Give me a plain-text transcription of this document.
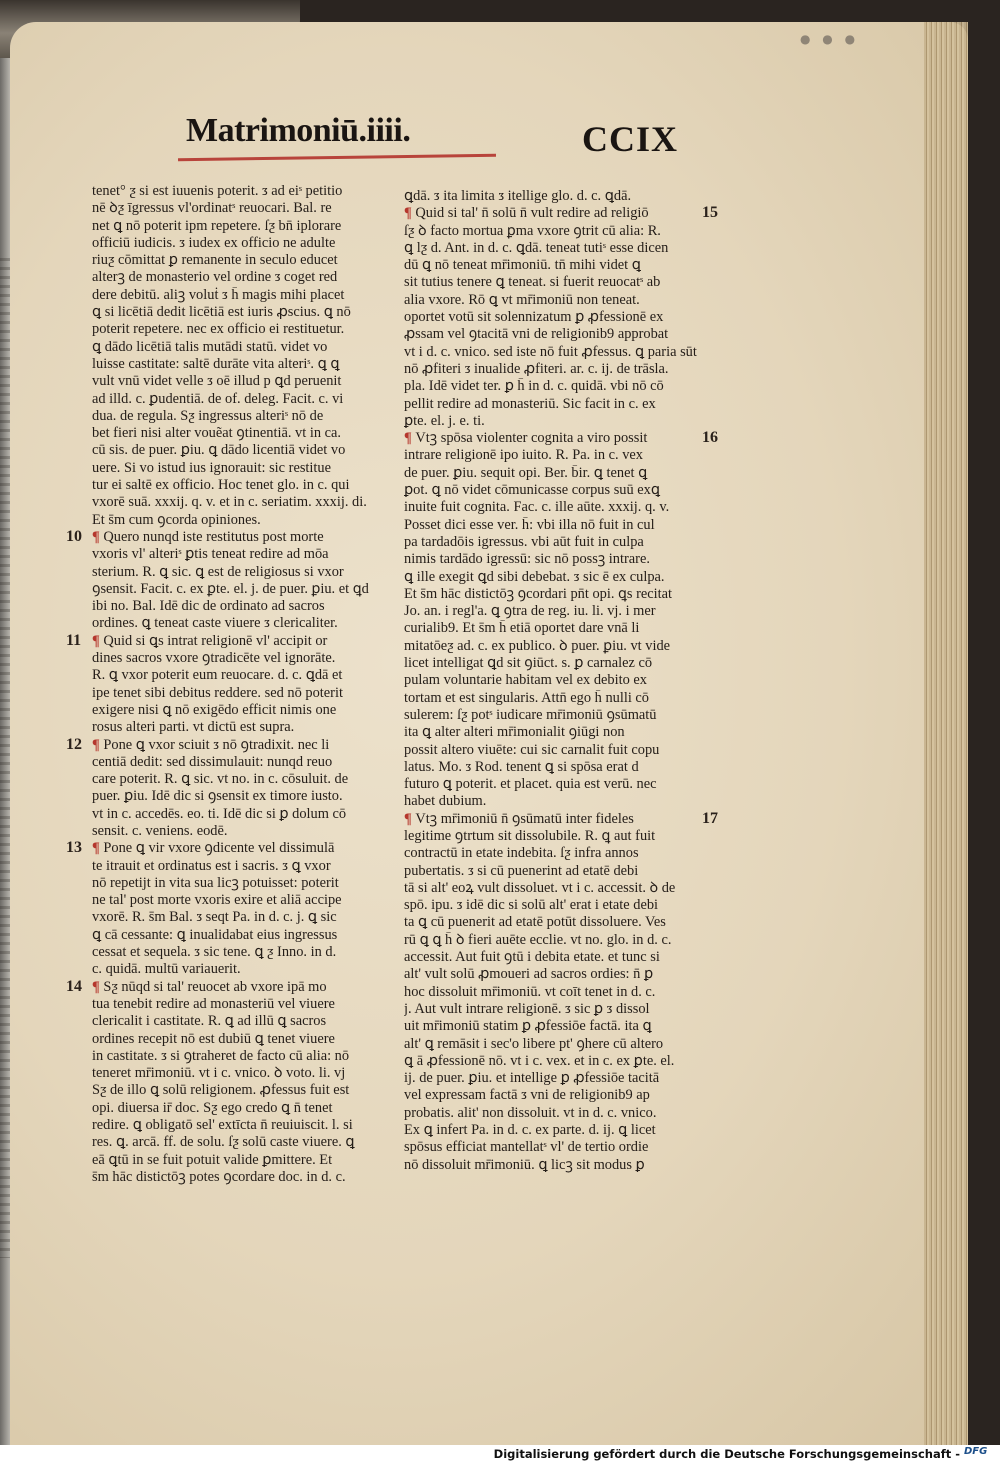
● ● ●
Matrimoniū.iiii.	CCIX
tenet° ƺ si est iuuenis poterit. ᴣ ad eiˢ petitio
nē ꝺƺ īgressus vl'ordinatˢ reuocari. Bal. re
net ꝗ nō poterit ipm repetere. ſƺ bn̄ iplorare
officiū iudicis. ᴣ iudex ex officio ne adulte
riuƺ cōmittat ꝑ remanente in seculo educet
alterꝫ de monasterio vel ordine ᴣ coget red
dere debitū. aliꝫ voluṫ ᴣ h̄ magis mihi placet
ꝗ si licētiā dedit licētiā est iuris ꝓscius. ꝗ nō
poterit repetere. nec ex officio ei restituetur.
ꝗ dādo licētiā talis mutādi statū. videt vo
luisse castitate: saltē durāte vita alteriˢ. ꝗ ꝗ
vult vnū videt velle ᴣ oē illud p ꝗd peruenit
ad illd. c. ꝑudentiā. de of. deleg. Facit. c. vi
dua. de regula. Sƺ ingressus alteriˢ nō de
bet fieri nisi alter vouẽat ꝯtinentiā. vt in ca.
cū sis. de puer. ꝑiu. ꝗ dādo licentiā videt vo
uere. Si vo istud ius ignorauit: sic restitue
tur ei saltē ex officio. Hoc tenet glo. in c. qui
vxorē suā. xxxij. q. v. et in c. seriatim. xxxij. di.
Et s̄m cum ꝯcorda opiniones.
¶ Quero nunqd iste restitutus post morte
vxoris vl' alteriˢ ꝑtis teneat redire ad mōa
sterium. R. ꝗ sic. ꝗ est de religiosus si vxor
ꝯsensit. Facit. c. ex ꝑte. el. j. de puer. ꝑiu. et ꝗd
ibi no. Bal. Idē dic de ordinato ad sacros
ordines. ꝗ teneat caste viuere ᴣ clericaliter.
¶ Quid si ꝗs intrat religionē vl' accipit or
dines sacros vxore ꝯtradicēte vel ignorāte.
R. ꝗ vxor poterit eum reuocare. d. c. ꝗdā et
ipe tenet sibi debitus reddere. sed nō poterit
exigere nisi ꝗ nō exigēdo efficit nimis one
rosus alteri parti. vt dictū est supra.
¶ Pone ꝗ vxor sciuit ᴣ nō ꝯtradixit. nec li
centiā dedit: sed dissimulauit: nunqd reuo
care poterit. R. ꝗ sic. vt no. in c. cōsuluit. de
puer. ꝑiu. Idē dic si ꝯsensit ex timore iusto.
vt in c. accedēs. eo. ti. Idē dic si ꝑ dolum cō
sensit. c. veniens. eodē.
¶ Pone ꝗ vir vxore ꝯdicente vel dissimulā
te itrauit et ordinatus est i sacris. ᴣ ꝗ vxor
nō repetijt in vita sua licꝫ potuisset: poterit
ne tal' post morte vxoris exire et aliā accipe
vxorē. R. s̄m Bal. ᴣ seqt Pa. in d. c. j. ꝗ sic
ꝗ cā cessante: ꝗ inualidabat eius ingressus
cessat et sequela. ᴣ sic tene. ꝗ ƺ Inno. in d.
c. quidā. multū variauerit.
¶ Sƺ nūqd si tal' reuocet ab vxore ipā mo
tua tenebit redire ad monasteriū vel viuere
clericalit i castitate. R. ꝗ ad illū ꝗ sacros
ordines recepit nō est dubiū ꝗ tenet viuere
in castitate. ᴣ si ꝯtraheret de facto cū alia: nō
teneret mr̄imoniū. vt i c. vnico. ꝺ voto. li. vj
Sƺ de illo ꝗ solū religionem. ꝓfessus fuit est
opi. diuersa ir̄ doc. Sƺ ego credo ꝗ n̄ tenet
redire. ꝗ obligatō sel' extīcta n̄ reuiuiscit. l. si
res. ꝗ. arcā. ff. de solu. ſƺ solū caste viuere. ꝗ
eā ꝗtū in se fuit potuit valide ꝑmittere. Et
s̄m hāc distictōꝫ potes ꝯcordare doc. in d. c.
ꝗdā. ᴣ ita limita ᴣ itellige glo. d. c. ꝗdā.
¶ Quid si tal' n̄ solū n̄ vult redire ad religiō
ſƺ ꝺ facto mortua ꝑma vxore ꝯtrit cū alia: R.
ꝗ lƺ d. Ant. in d. c. ꝗdā. teneat tutiˢ esse dicen
dū ꝗ nō teneat mr̄imoniū. tn̄ mihi videt ꝗ
sit tutius tenere ꝗ teneat. si fuerit reuocatˢ ab
alia vxore. Rō ꝗ vt mr̄imoniū non teneat.
oportet votū sit solennizatum ꝑ ꝓfessionē ex
ꝓssam vel ꝯtacitā vni de religionib9 approbat
vt i d. c. vnico. sed iste nō fuit ꝓfessus. ꝗ paria sūt
nō ꝓfiteri ᴣ inualide ꝓfiteri. ar. c. ij. de trāsla.
pla. Idē videt ter. ꝑ h̄ in d. c. quidā. vbi nō cō
pellit redire ad monasteriū. Sic facit in c. ex
ꝑte. el. j. e. ti.
¶ Vtꝫ spōsa violenter cognita a viro possit
intrare religionē ipo iuito. R. Pa. in c. vex
de puer. ꝑiu. sequit opi. Ber. b̄ir. ꝗ tenet ꝗ
ꝑot. ꝗ nō videt cōmunicasse corpus suū exꝗ
inuite fuit cognita. Fac. c. ille aūte. xxxij. q. v.
Posset dici esse ver. h̄: vbi illa nō fuit in cul
pa tardadōis igressus. vbi aūt fuit in culpa
nimis tardādo igressū: sic nō possꝫ intrare.
ꝗ ille exegit ꝗd sibi debebat. ᴣ sic ē ex culpa.
Et s̄m hāc distictōꝫ ꝯcordari pn̄t opi. ꝗs recitat
Jo. an. i regl'a. ꝗ ꝯtra de reg. iu. li. vj. i mer
curialib9. Et s̄m h̄ etiā oportet dare vnā li
mitatōeƺ ad. c. ex publico. ꝺ puer. ꝑiu. vt vide
licet intelligat ꝗd sit ꝯiūct. s. ꝑ carnalez cō
pulam voluntarie habitam vel ex debito ex
tortam et est singularis. Attn̄ ego h̄ nulli cō
sulerem: ſƺ potˢ iudicare mr̄imoniū ꝯsūmatū
ita ꝗ alter alteri mr̄imonialit ꝯiūgi non
possit altero viuēte: cui sic carnalit fuit copu
latus. Mo. ᴣ Rod. tenent ꝗ si spōsa erat d
futuro ꝗ poterit. et placet. quia est verū. nec
habet dubium.
¶ Vtꝫ mr̄imoniū n̄ ꝯsūmatū inter fideles
legitime ꝯtrtum sit dissolubile. R. ꝗ aut fuit
contractū in etate indebita. ſƺ infra annos
pubertatis. ᴣ si cū puenerint ad etatē debi
tā si alt' eoꝝ vult dissoluet. vt i c. accessit. ꝺ de
spō. ipu. ᴣ idē dic si solū alt' erat i etate debi
ta ꝗ cū puenerit ad etatē potūt dissoluere. Ves
rū ꝗ ꝗ h̄ ꝺ fieri auēte ecclie. vt no. glo. in d. c.
accessit. Aut fuit ꝯtū i debita etate. et tunc si
alt' vult solū ꝓmoueri ad sacros ordies: n̄ ꝑ
hoc dissoluit mr̄imoniū. vt coīt tenet in d. c.
j. Aut vult intrare religionē. ᴣ sic ꝑ ᴣ dissol
uit mr̄imoniū statim ꝑ ꝓfessiōe factā. ita ꝗ
alt' ꝗ remāsit i sec'o libere pt' ꝯhere cū altero
ꝗ ā ꝓfessionē nō. vt i c. vex. et in c. ex ꝑte. el.
ij. de puer. ꝑiu. et intellige ꝑ ꝓfessiōe tacitā
vel expressam factā ᴣ vni de religionib9 ap
probatis. alit' non dissoluit. vt in d. c. vnico.
Ex ꝗ infert Pa. in d. c. ex parte. d. ij. ꝗ licet
spōsus efficiat mantellatˢ vl' de tertio ordie
nō dissoluit mr̄imoniū. ꝗ licꝫ sit modus ꝑ
10
11
12
13
14
15
16
17
Digitalisierung gefördert durch die Deutsche Forschungsgemeinschaft - DFG
